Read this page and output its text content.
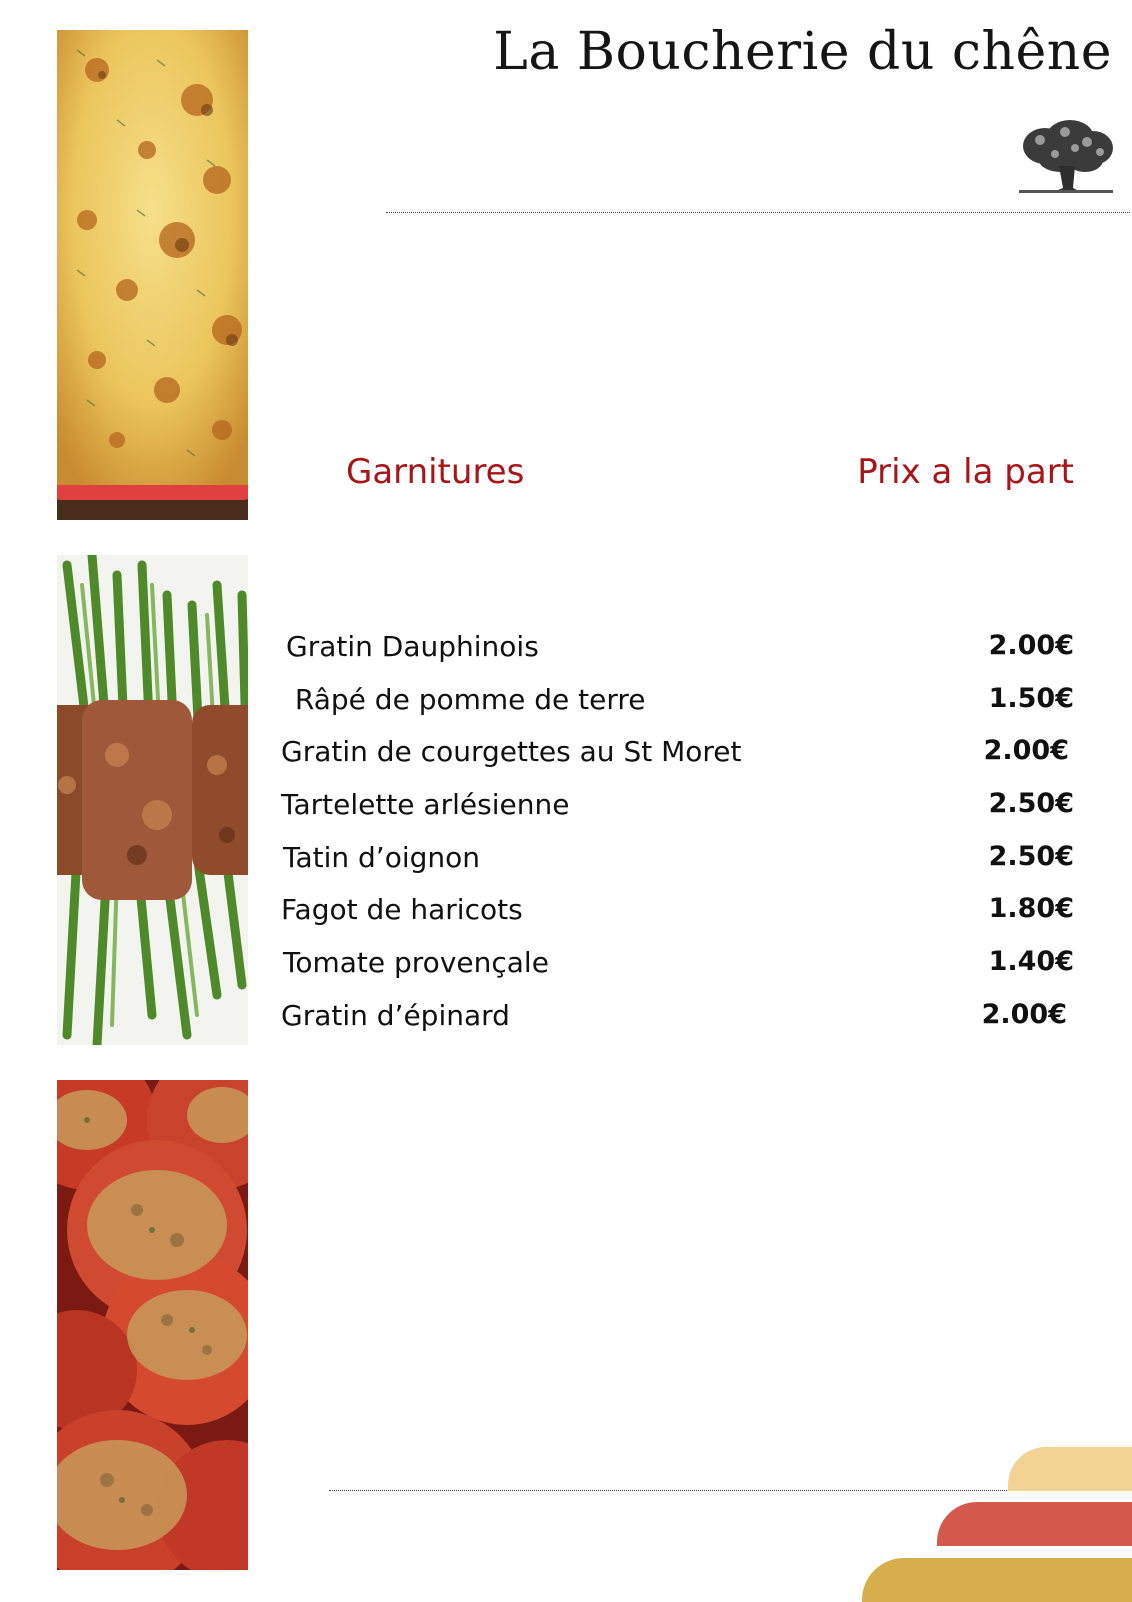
La Boucherie du chêne
Garnitures	Prix a la part
Gratin Dauphinois	2.00€
Râpé de pomme de terre	1.50€
Gratin de courgettes au St Moret	2.00€
Tartelette arlésienne	2.50€
Tatin d’oignon	2.50€
Fagot de haricots	1.80€
Tomate provençale	1.40€
Gratin d’épinard	2.00€
